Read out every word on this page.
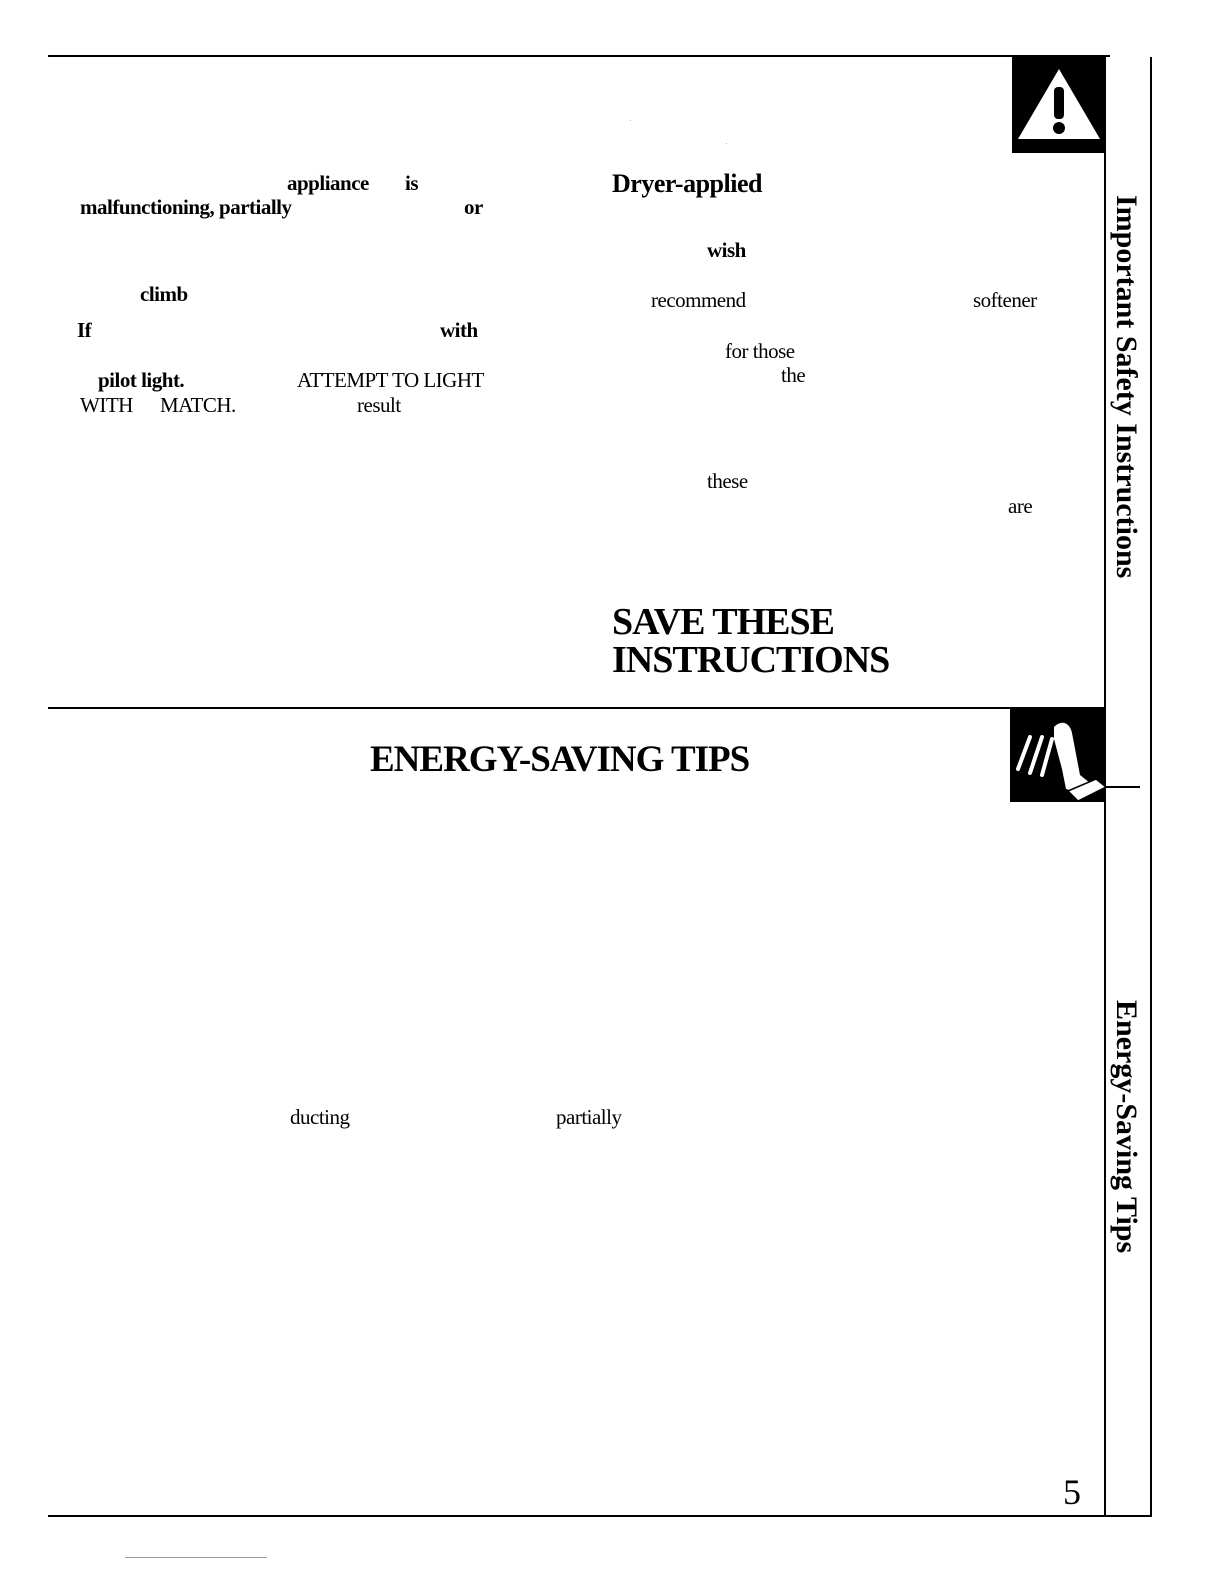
Important Safety Instructions
Energy-Saving Tips
appliance is
malfunctioning, partially	or
climb
If	with
pilot light.	ATTEMPT TO LIGHT
WITH MATCH.	result
Dryer-applied
wish
recommend	softener
for those
the
these
are
SAVE THESE
INSTRUCTIONS
ENERGY-SAVING TIPS
ducting	partially
5
